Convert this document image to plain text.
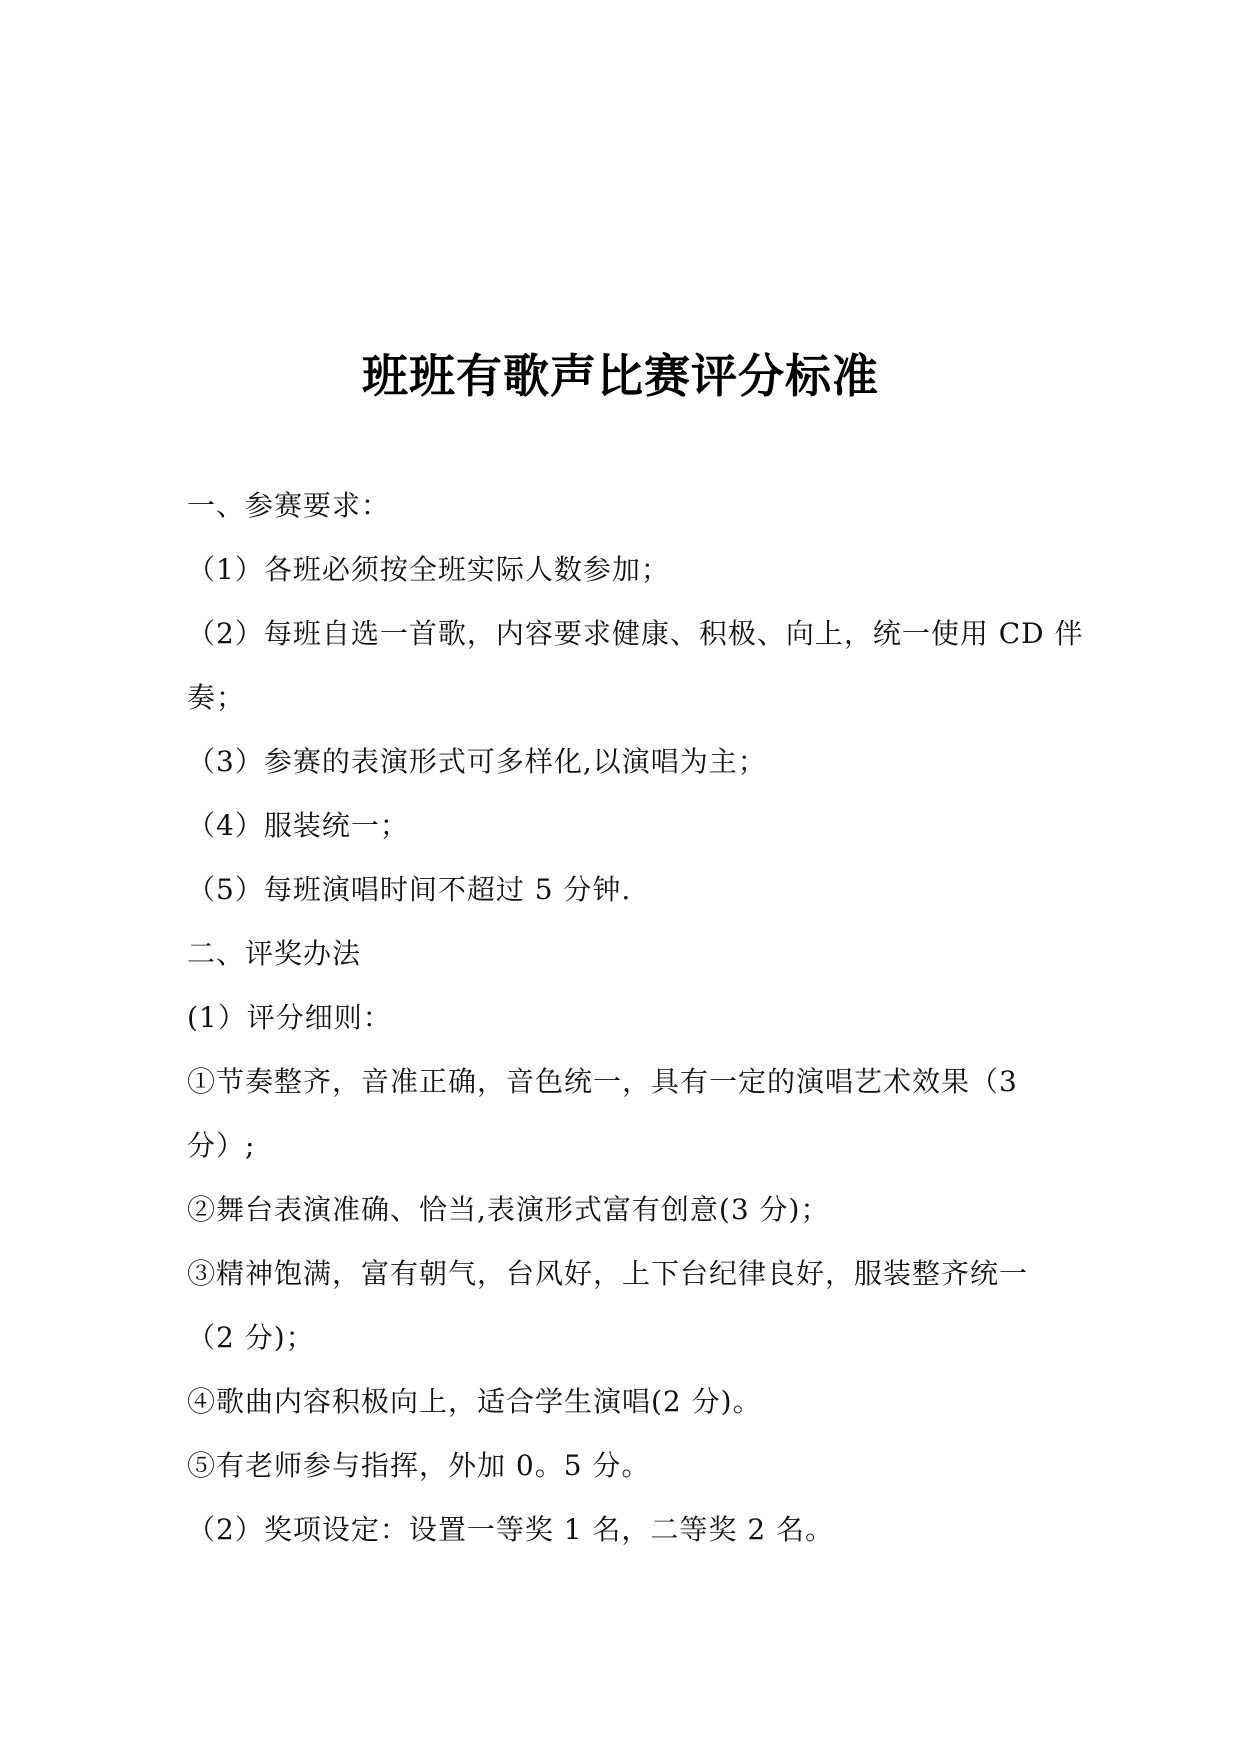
班班有歌声比赛评分标准
一、参赛要求：
（1）各班必须按全班实际人数参加；
（2）每班自选一首歌，内容要求健康、积极、向上，统一使用 CD 伴
奏；
（3）参赛的表演形式可多样化,以演唱为主；
（4）服装统一；
（5）每班演唱时间不超过 5 分钟.
二、评奖办法
(1）评分细则：
①节奏整齐，音准正确，音色统一，具有一定的演唱艺术效果（3
分）;
②舞台表演准确、恰当,表演形式富有创意(3 分)；
③精神饱满，富有朝气，台风好，上下台纪律良好，服装整齐统一
（2 分)；
④歌曲内容积极向上，适合学生演唱(2 分)。
⑤有老师参与指挥，外加 0。5 分。
（2）奖项设定：设置一等奖 1 名，二等奖 2 名。
